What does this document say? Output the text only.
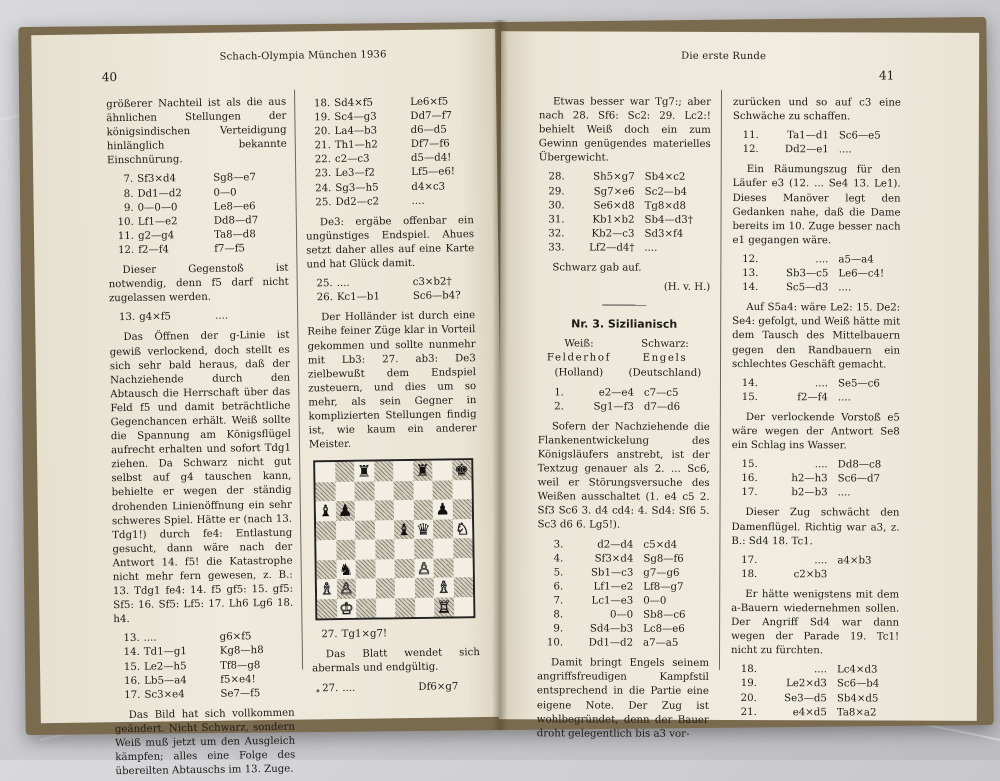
Schach-Olympia München 1936
40

größerer Nachteil ist als die aus ähnlichen Stellungen der königsindischen Verteidigung hinlänglich bekannte Einschnürung.

7.	Sf3×d4	Sg8—e7
8.	Dd1—d2	0—0
9.	0—0—0	Le8—e6
10.	Lf1—e2	Dd8—d7
11.	g2—g4	Ta8—d8
12.	f2—f4	f7—f5

Dieser Gegenstoß ist notwendig, denn f5 darf nicht zugelassen werden.

13.	g4×f5	....

Das Öffnen der g-Linie ist gewiß verlockend, doch stellt es sich sehr bald heraus, daß der Nachziehende durch den Abtausch die Herrschaft über das Feld f5 und damit beträchtliche Gegenchancen erhält. Weiß sollte die Spannung am Königsflügel aufrecht erhalten und sofort Tdg1 ziehen. Da Schwarz nicht gut selbst auf g4 tauschen kann, behielte er wegen der ständig drohenden Linienöffnung ein sehr schweres Spiel. Hätte er (nach 13. Tdg1!) durch fe4: Entlastung gesucht, dann wäre nach der Antwort 14. f5! die Katastrophe nicht mehr fern gewesen, z. B.: 13. Tdg1 fe4: 14. f5 gf5: 15. gf5: Sf5: 16. Sf5: Lf5: 17. Lh6 Lg6 18. h4.

13.	....	g6×f5
14.	Td1—g1	Kg8—h8
15.	Le2—h5	Tf8—g8
16.	Lb5—a4	f5×e4!
17.	Sc3×e4	Se7—f5

Das Bild hat sich vollkommen geändert. Nicht Schwarz, sondern Weiß muß jetzt um den Ausgleich kämpfen; alles eine Folge des übereilten Abtauschs im 13. Zuge.

18.	Sd4×f5	Le6×f5
19.	Sc4—g3	Dd7—f7
20.	La4—b3	d6—d5
21.	Th1—h2	Df7—f6
22.	c2—c3	d5—d4!
23.	Le3—f2	Lf5—e6!
24.	Sg3—h5	d4×c3
25.	Dd2—c2	....

De3: ergäbe offenbar ein ungünstiges Endspiel. Ahues setzt daher alles auf eine Karte und hat Glück damit.

25.	....	c3×b2†
26.	Kc1—b1	Sc6—b4?

Der Holländer ist durch eine Reihe feiner Züge klar in Vorteil gekommen und sollte nunmehr mit Lb3: 27. ab3: De3 zielbewußt dem Endspiel zusteuern, und dies um so mehr, als sein Gegner in komplizierten Stellungen findig ist, wie kaum ein anderer Meister.

♜	♜ ♚
♝ ♟	♟
♝ ♛ ♘
♞	♙
♗ ♙	♗
♔	♖
27.	Tg1×g7!	

Das Blatt wendet sich abermals und endgültig.

27.	....	Df6×g7
Die erste Runde
41

Etwas besser war Tg7:; aber nach 28. Sf6: Sc2: 29. Lc2:! behielt Weiß doch ein zum Gewinn genügendes materielles Übergewicht.

28.	Sh5×g7	Sb4×c2
29.	Sg7×e6	Sc2—b4
30.	Se6×d8	Tg8×d8
31.	Kb1×b2	Sb4—d3†
32.	Kb2—c3	Sd3×f4
33.	Lf2—d4†	....

Schwarz gab auf.

(H. v. H.)

Nr. 3. Sizilianisch
Weiß:
Felderhof
(Holland)
Schwarz:
Engels
(Deutschland)
1.	e2—e4	c7—c5
2.	Sg1—f3	d7—d6

Sofern der Nachziehende die Flankenentwickelung des Königsläufers anstrebt, ist der Textzug genauer als 2. ... Sc6, weil er Störungsversuche des Weißen ausschaltet (1. e4 c5 2. Sf3 Sc6 3. d4 cd4: 4. Sd4: Sf6 5. Sc3 d6 6. Lg5!).

3.	d2—d4	c5×d4
4.	Sf3×d4	Sg8—f6
5.	Sb1—c3	g7—g6
6.	Lf1—e2	Lf8—g7
7.	Lc1—e3	0—0
8.	0—0	Sb8—c6
9.	Sd4—b3	Lc8—e6
10.	Dd1—d2	a7—a5

Damit bringt Engels seinem angriffsfreudigen Kampfstil entsprechend in die Partie eine eigene Note. Der Zug ist wohlbegründet, denn der Bauer droht gelegentlich bis a3 vor-

zurücken und so auf c3 eine Schwäche zu schaffen.

11.	Ta1—d1	Sc6—e5
12.	Dd2—e1	....

Ein Räumungszug für den Läufer e3 (12. ... Se4 13. Le1). Dieses Manöver legt den Gedanken nahe, daß die Dame bereits im 10. Zuge besser nach e1 gegangen wäre.

12.	....	a5—a4
13.	Sb3—c5	Le6—c4!
14.	Sc5—d3	....

Auf S5a4: wäre Le2: 15. De2: Se4: gefolgt, und Weiß hätte mit dem Tausch des Mittelbauern gegen den Randbauern ein schlechtes Geschäft gemacht.

14.	....	Se5—c6
15.	f2—f4	....

Der verlockende Vorstoß e5 wäre wegen der Antwort Se8 ein Schlag ins Wasser.

15.	....	Dd8—c8
16.	h2—h3	Sc6—d7
17.	b2—b3	....

Dieser Zug schwächt den Damenflügel. Richtig war a3, z. B.: Sd4 18. Tc1.

17.	....	a4×b3
18.	c2×b3	

Er hätte wenigstens mit dem a-Bauern wiedernehmen sollen. Der Angriff Sd4 war dann wegen der Parade 19. Tc1! nicht zu fürchten.

18.	....	Lc4×d3
19.	Le2×d3	Sc6—b4
20.	Se3—d5	Sb4×d5
21.	e4×d5	Ta8×a2
